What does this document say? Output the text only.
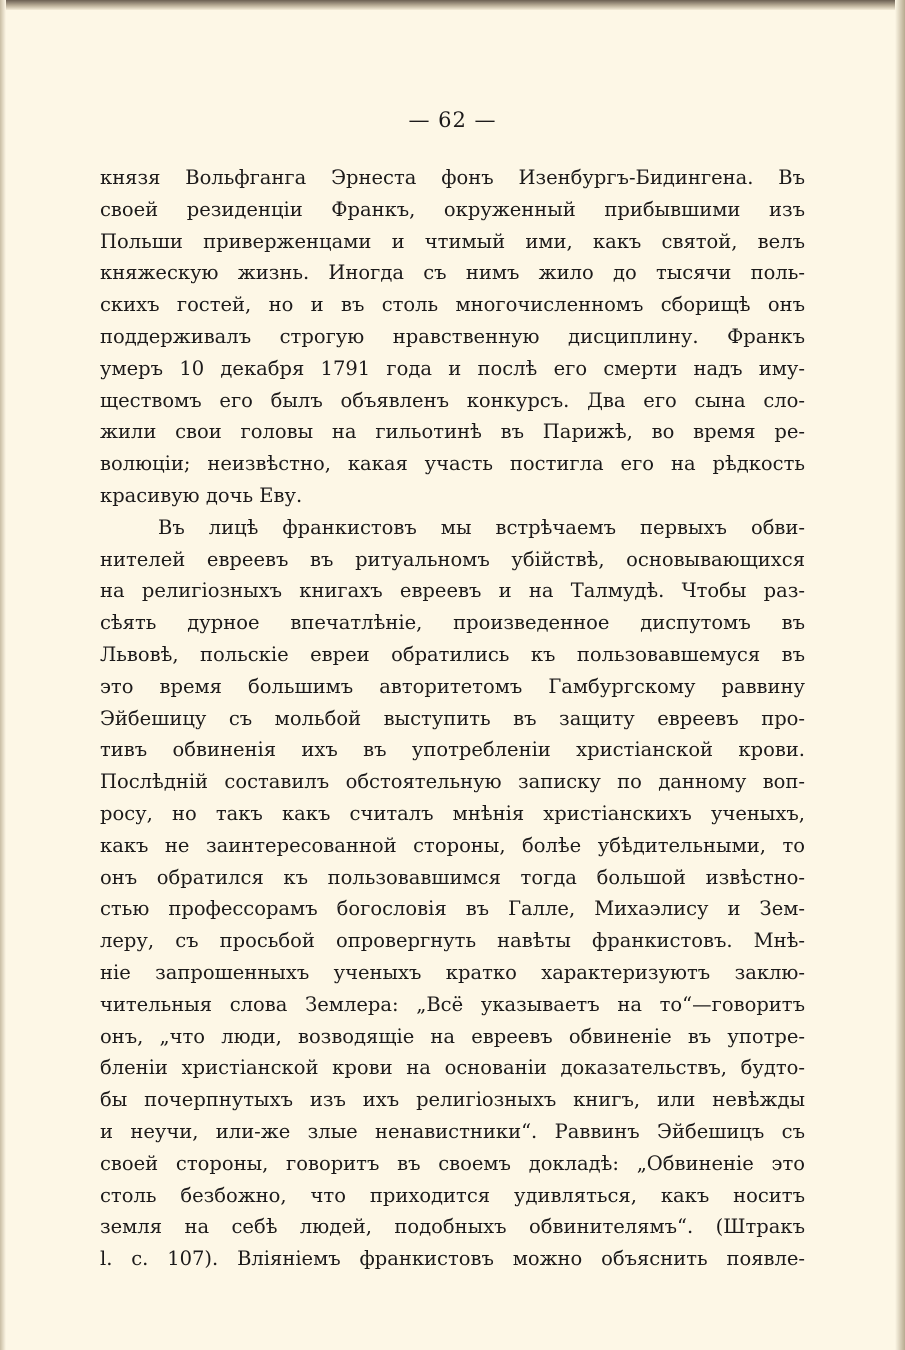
— 62 —
князя Вольфганга Эрнеста фонъ Изенбургъ-Бидингена. Въ
своей резиденцiи Франкъ, окруженный прибывшими изъ
Польши приверженцами и чтимый ими, какъ святой, велъ
княжескую жизнь. Иногда съ нимъ жило до тысячи поль-
скихъ гостей, но и въ столь многочисленномъ сборищѣ онъ
поддерживалъ строгую нравственную дисциплину. Франкъ
умеръ 10 декабря 1791 года и послѣ его смерти надъ иму-
ществомъ его былъ объявленъ конкурсъ. Два его сына сло-
жили свои головы на гильотинѣ въ Парижѣ, во время ре-
волюцiи; неизвѣстно, какая участь постигла его на рѣдкость
красивую дочь Еву.
Въ лицѣ франкистовъ мы встрѣчаемъ первыхъ обви-
нителей евреевъ въ ритуальномъ убiйствѣ, основывающихся
на религiозныхъ книгахъ евреевъ и на Талмудѣ. Чтобы раз-
сѣять дурное впечатлѣнiе, произведенное диспутомъ въ
Львовѣ, польскiе евреи обратились къ пользовавшемуся въ
это время большимъ авторитетомъ Гамбургскому раввину
Эйбешицу съ мольбой выступить въ защиту евреевъ про-
тивъ обвиненiя ихъ въ употребленiи христiанской крови.
Послѣднiй составилъ обстоятельную записку по данному воп-
росу, но такъ какъ считалъ мнѣнiя христiанскихъ ученыхъ,
какъ не заинтересованной стороны, болѣе убѣдительными, то
онъ обратился къ пользовавшимся тогда большой извѣстно-
стью профессорамъ богословiя въ Галле, Михаэлису и Зем-
леру, съ просьбой опровергнуть навѣты франкистовъ. Мнѣ-
нiе запрошенныхъ ученыхъ кратко характеризуютъ заклю-
чительныя слова Землера: „Всё указываетъ на то“—говоритъ
онъ, „что люди, возводящiе на евреевъ обвиненiе въ употре-
бленiи христiанской крови на основанiи доказательствъ, будто-
бы почерпнутыхъ изъ ихъ религiозныхъ книгъ, или невѣжды
и неучи, или-же злые ненавистники“. Раввинъ Эйбешицъ съ
своей стороны, говоритъ въ своемъ докладѣ: „Обвиненiе это
столь безбожно, что приходится удивляться, какъ носитъ
земля на себѣ людей, подобныхъ обвинителямъ“. (Штракъ
l. c. 107). Влiянiемъ франкистовъ можно объяснить появле-
